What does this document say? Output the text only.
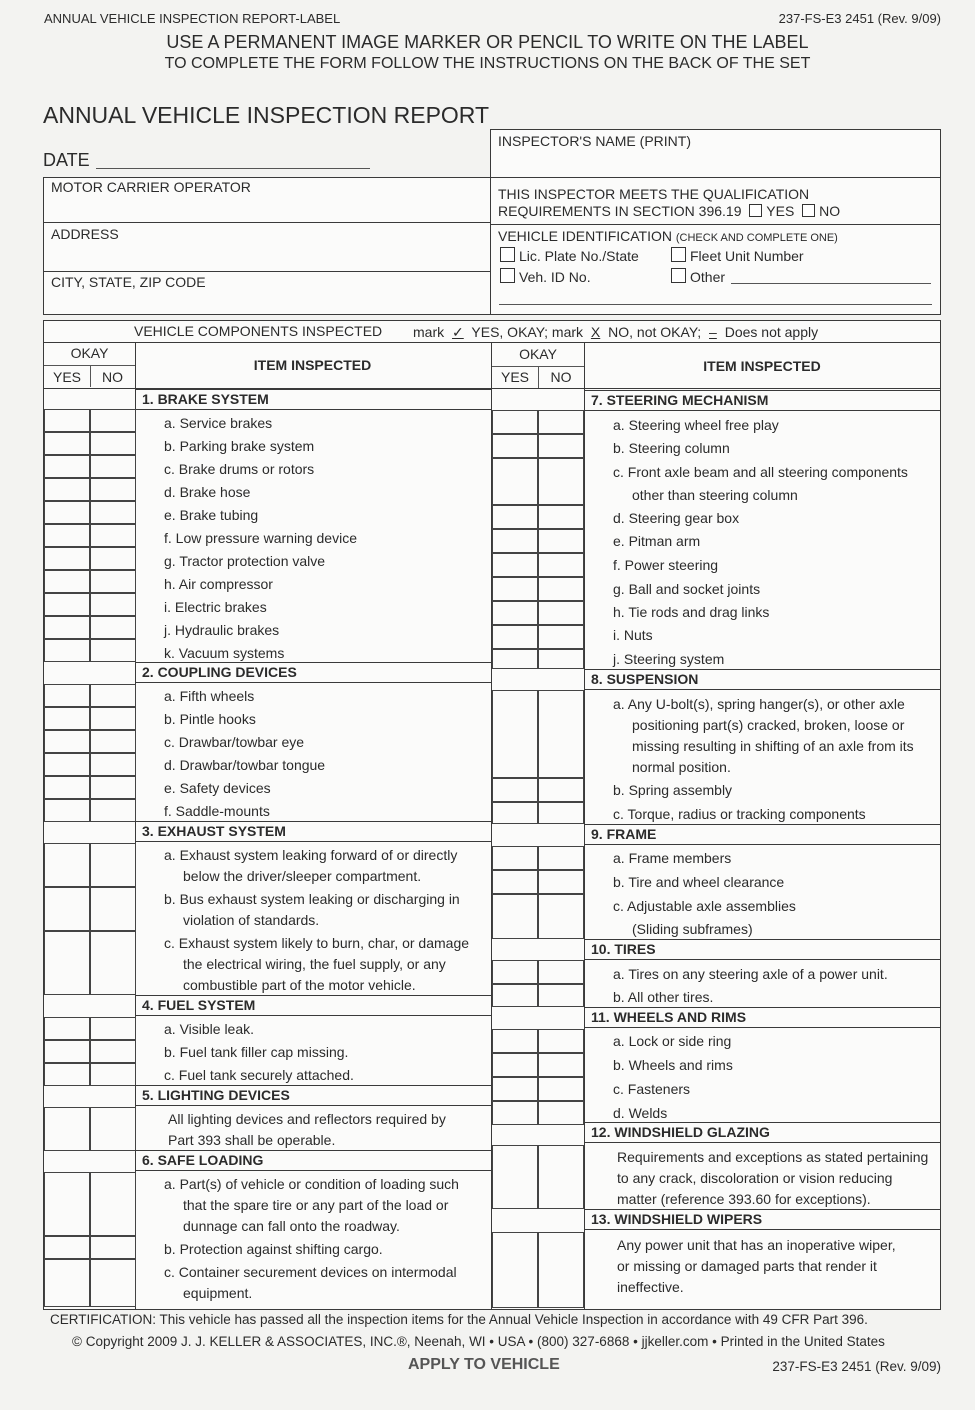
ANNUAL VEHICLE INSPECTION REPORT-LABEL	237-FS-E3 2451 (Rev. 9/09)
USE A PERMANENT IMAGE MARKER OR PENCIL TO WRITE ON THE LABEL
TO COMPLETE THE FORM FOLLOW THE INSTRUCTIONS ON THE BACK OF THE SET
ANNUAL VEHICLE INSPECTION REPORT
DATE
INSPECTOR'S NAME (PRINT)
MOTOR CARRIER OPERATOR
ADDRESS
CITY, STATE, ZIP CODE
THIS INSPECTOR MEETS THE QUALIFICATION
REQUIREMENTS IN SECTION 396.19 YES NO
VEHICLE IDENTIFICATION (CHECK AND COMPLETE ONE)
Lic. Plate No./State	Fleet Unit Number
Veh. ID No.	Other
VEHICLE COMPONENTS INSPECTED mark ✓ YES, OKAY; mark X NO, not OKAY; – Does not apply
OKAY
YES	NO
ITEM INSPECTED
OKAY
YES	NO
ITEM INSPECTED
1. BRAKE SYSTEM
a. Service brakes
b. Parking brake system
c. Brake drums or rotors
d. Brake hose
e. Brake tubing
f. Low pressure warning device
g. Tractor protection valve
h. Air compressor
i. Electric brakes
j. Hydraulic brakes
k. Vacuum systems
2. COUPLING DEVICES
a. Fifth wheels
b. Pintle hooks
c. Drawbar/towbar eye
d. Drawbar/towbar tongue
e. Safety devices
f. Saddle-mounts
3. EXHAUST SYSTEM
a. Exhaust system leaking forward of or directly
below the driver/sleeper compartment.
b. Bus exhaust system leaking or discharging in
violation of standards.
c. Exhaust system likely to burn, char, or damage
the electrical wiring, the fuel supply, or any
combustible part of the motor vehicle.
4. FUEL SYSTEM
a. Visible leak.
b. Fuel tank filler cap missing.
c. Fuel tank securely attached.
5. LIGHTING DEVICES
All lighting devices and reflectors required by
Part 393 shall be operable.
6. SAFE LOADING
a. Part(s) of vehicle or condition of loading such
that the spare tire or any part of the load or
dunnage can fall onto the roadway.
b. Protection against shifting cargo.
c. Container securement devices on intermodal
equipment.
7. STEERING MECHANISM
a. Steering wheel free play
b. Steering column
c. Front axle beam and all steering components
other than steering column
d. Steering gear box
e. Pitman arm
f. Power steering
g. Ball and socket joints
h. Tie rods and drag links
i. Nuts
j. Steering system
8. SUSPENSION
a. Any U-bolt(s), spring hanger(s), or other axle
positioning part(s) cracked, broken, loose or
missing resulting in shifting of an axle from its
normal position.
b. Spring assembly
c. Torque, radius or tracking components
9. FRAME
a. Frame members
b. Tire and wheel clearance
c. Adjustable axle assemblies
(Sliding subframes)
10. TIRES
a. Tires on any steering axle of a power unit.
b. All other tires.
11. WHEELS AND RIMS
a. Lock or side ring
b. Wheels and rims
c. Fasteners
d. Welds
12. WINDSHIELD GLAZING
Requirements and exceptions as stated pertaining
to any crack, discoloration or vision reducing
matter (reference 393.60 for exceptions).
13. WINDSHIELD WIPERS
Any power unit that has an inoperative wiper,
or missing or damaged parts that render it
ineffective.
CERTIFICATION: This vehicle has passed all the inspection items for the Annual Vehicle Inspection in accordance with 49 CFR Part 396.
© Copyright 2009 J. J. KELLER & ASSOCIATES, INC.®, Neenah, WI • USA • (800) 327-6868 • jjkeller.com • Printed in the United States
APPLY TO VEHICLE	237-FS-E3 2451 (Rev. 9/09)
